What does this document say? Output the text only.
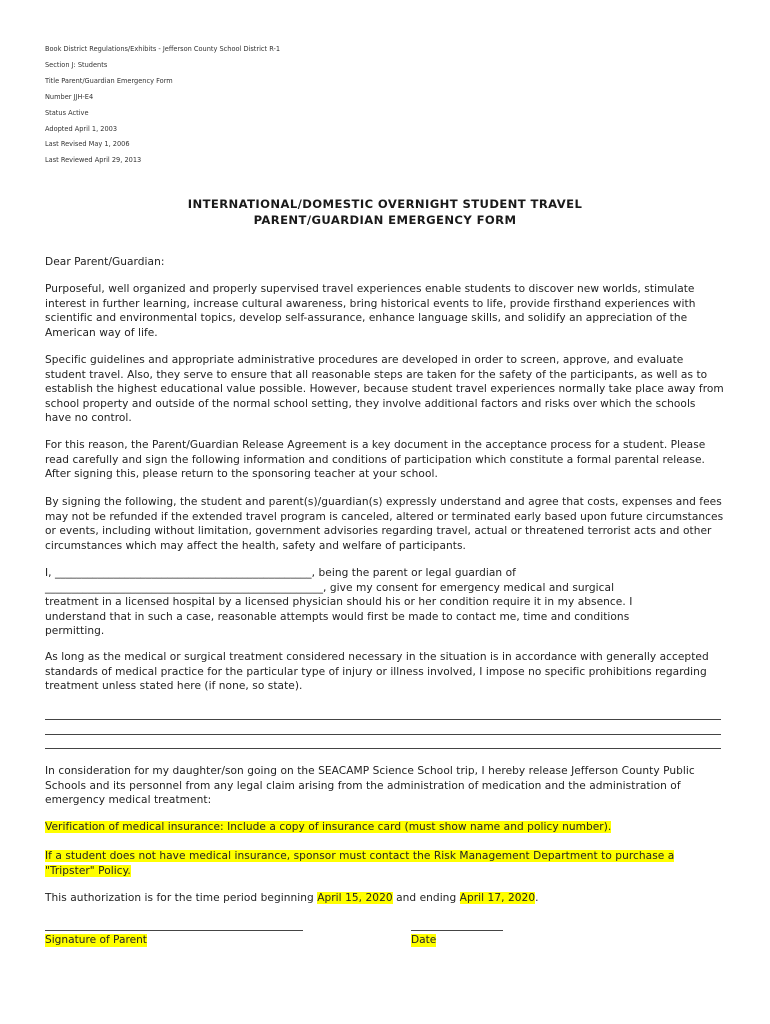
Book District Regulations/Exhibits - Jefferson County School District R-1
Section J: Students
Title Parent/Guardian Emergency Form
Number JJH-E4
Status Active
Adopted April 1, 2003
Last Revised May 1, 2006
Last Reviewed April 29, 2013
INTERNATIONAL/DOMESTIC OVERNIGHT STUDENT TRAVEL
PARENT/GUARDIAN EMERGENCY FORM
Dear Parent/Guardian:
Purposeful, well organized and properly supervised travel experiences enable students to discover new worlds, stimulate interest in further learning, increase cultural awareness, bring historical events to life, provide firsthand experiences with scientific and environmental topics, develop self-assurance, enhance language skills, and solidify an appreciation of the American way of life.
Specific guidelines and appropriate administrative procedures are developed in order to screen, approve, and evaluate student travel. Also, they serve to ensure that all reasonable steps are taken for the safety of the participants, as well as to establish the highest educational value possible. However, because student travel experiences normally take place away from school property and outside of the normal school setting, they involve additional factors and risks over which the schools have no control.
For this reason, the Parent/Guardian Release Agreement is a key document in the acceptance process for a student. Please read carefully and sign the following information and conditions of participation which constitute a formal parental release. After signing this, please return to the sponsoring teacher at your school.
By signing the following, the student and parent(s)/guardian(s) expressly understand and agree that costs, expenses and fees may not be refunded if the extended travel program is canceled, altered or terminated early based upon future circumstances or events, including without limitation, government advisories regarding travel, actual or threatened terrorist acts and other circumstances which may affect the health, safety and welfare of participants.

I, ________________________________________________, being the parent or legal guardian of

____________________________________________________, give my consent for emergency medical and surgical

treatment in a licensed hospital by a licensed physician should his or her condition require it in my absence. I

understand that in such a case, reasonable attempts would first be made to contact me, time and conditions

permitting.

As long as the medical or surgical treatment considered necessary in the situation is in accordance with generally accepted standards of medical practice for the particular type of injury or illness involved, I impose no specific prohibitions regarding treatment unless stated here (if none, so state).
In consideration for my daughter/son going on the SEACAMP Science School trip, I hereby release Jefferson County Public Schools and its personnel from any legal claim arising from the administration of medication and the administration of emergency medical treatment:
Verification of medical insurance: Include a copy of insurance card (must show name and policy number).
If a student does not have medical insurance, sponsor must contact the Risk Management Department to purchase a "Tripster" Policy.
This authorization is for the time period beginning April 15, 2020 and ending April 17, 2020.
Signature of Parent	Date
